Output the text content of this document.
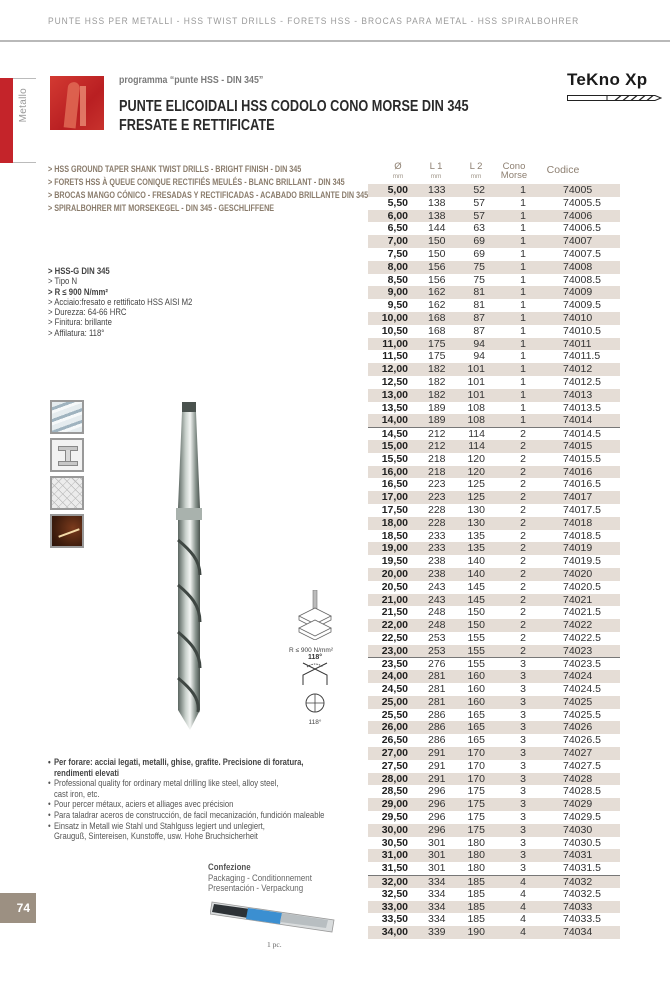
PUNTE HSS PER METALLI - HSS TWIST DRILLS - FORETS HSS - BROCAS PARA METAL - HSS SPIRALBOHRER
Metallo
programma “punte HSS - DIN 345”
PUNTE ELICOIDALI HSS CODOLO CONO MORSE DIN 345
FRESATE E RETTIFICATE
TeKno Xp
> HSS GROUND TAPER SHANK TWIST DRILLS - BRIGHT FINISH - DIN 345
> FORETS HSS À QUEUE CONIQUE RECTIFIÉS MEULÉS - BLANC BRILLANT - DIN 345
> BROCAS MANGO CÓNICO - FRESADAS Y RECTIFICADAS - ACABADO BRILLANTE DIN 345
> SPIRALBOHRER MIT MORSEKEGEL - DIN 345 - GESCHLIFFENE
> HSS-G DIN 345
> Tipo N
> R ≤ 900 N/mm²
> Acciaio:fresato e rettificato HSS AISI M2
> Durezza: 64-66 HRC
> Finitura: brillante
> Affilatura: 118°
R ≤ 900 N/mm²
118°

118°
• Per forare: acciai legati, metalli, ghise, grafite. Precisione di foratura,
rendimenti elevati
• Professional quality for ordinary metal drilling like steel, alloy steel,
cast iron, etc.
• Pour percer métaux, aciers et alliages avec précision
• Para taladrar aceros de construcción, de facil mecanización, fundición maleable
• Einsatz in Metall wie Stahl und Stahlguss legiert und unlegiert,
Grauguß, Sintereisen, Kunstoffe, usw. Hohe Bruchsicherheit
74
Confezione
Packaging - Conditionnement
Presentación - Verpackung
1 pc.
Ø
mm
L 1
mm
L 2
mm
Cono
Morse	Codice
5,00 133	52	1	74005
5,50 138	57	1	74005.5
6,00 138	57	1	74006
6,50 144	63	1	74006.5
7,00 150	69	1	74007
7,50 150	69	1	74007.5
8,00 156	75	1	74008
8,50 156	75	1	74008.5
9,00 162	81	1	74009
9,50 162	81	1	74009.5
10,00 168	87	1	74010
10,50 168	87	1	74010.5
11,00 175	94	1	74011
11,50 175	94	1	74011.5
12,00 182	101	1	74012
12,50 182	101	1	74012.5
13,00 182	101	1	74013
13,50 189	108	1	74013.5
14,00 189	108	1	74014
14,50 212	114	2	74014.5
15,00 212	114	2	74015
15,50 218	120	2	74015.5
16,00 218	120	2	74016
16,50 223	125	2	74016.5
17,00 223	125	2	74017
17,50 228	130	2	74017.5
18,00 228	130	2	74018
18,50 233	135	2	74018.5
19,00 233	135	2	74019
19,50 238	140	2	74019.5
20,00 238	140	2	74020
20,50 243	145	2	74020.5
21,00 243	145	2	74021
21,50 248	150	2	74021.5
22,00 248	150	2	74022
22,50 253	155	2	74022.5
23,00 253	155	2	74023
23,50 276	155	3	74023.5
24,00 281	160	3	74024
24,50 281	160	3	74024.5
25,00 281	160	3	74025
25,50 286	165	3	74025.5
26,00 286	165	3	74026
26,50 286	165	3	74026.5
27,00 291	170	3	74027
27,50 291	170	3	74027.5
28,00 291	170	3	74028
28,50 296	175	3	74028.5
29,00 296	175	3	74029
29,50 296	175	3	74029.5
30,00 296	175	3	74030
30,50 301	180	3	74030.5
31,00 301	180	3	74031
31,50 301	180	3	74031.5
32,00 334	185	4	74032
32,50 334	185	4	74032.5
33,00 334	185	4	74033
33,50 334	185	4	74033.5
34,00 339	190	4	74034
